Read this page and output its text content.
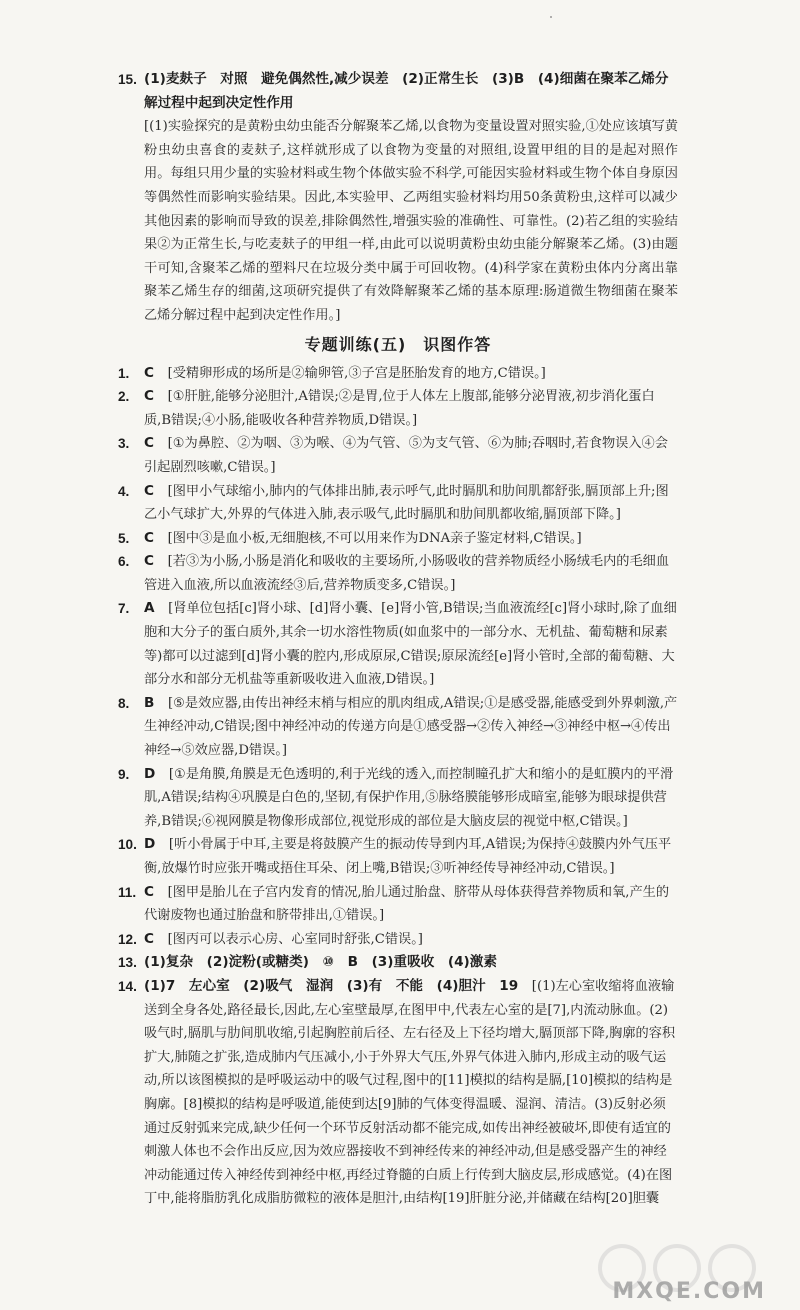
15. (1)麦麸子　对照　避免偶然性,减少误差　(2)正常生长　(3)B　(4)细菌在聚苯乙烯分解过程中起到决定性作用
[(1)实验探究的是黄粉虫幼虫能否分解聚苯乙烯,以食物为变量设置对照实验,①处应该填写黄粉虫幼虫喜食的麦麸子,这样就形成了以食物为变量的对照组,设置甲组的目的是起对照作用。每组只用少量的实验材料或生物个体做实验不科学,可能因实验材料或生物个体自身原因等偶然性而影响实验结果。因此,本实验甲、乙两组实验材料均用50条黄粉虫,这样可以减少其他因素的影响而导致的误差,排除偶然性,增强实验的准确性、可靠性。(2)若乙组的实验结果②为正常生长,与吃麦麸子的甲组一样,由此可以说明黄粉虫幼虫能分解聚苯乙烯。(3)由题干可知,含聚苯乙烯的塑料尺在垃圾分类中属于可回收物。(4)科学家在黄粉虫体内分离出靠聚苯乙烯生存的细菌,这项研究提供了有效降解聚苯乙烯的基本原理:肠道微生物细菌在聚苯乙烯分解过程中起到决定性作用。]
专题训练(五)　识图作答
1. C　 [受精卵形成的场所是②输卵管,③子宫是胚胎发育的地方,C错误。]
2. C　 [①肝脏,能够分泌胆汁,A错误;②是胃,位于人体左上腹部,能够分泌胃液,初步消化蛋白质,B错误;④小肠,能吸收各种营养物质,D错误。]
3. C　 [①为鼻腔、②为咽、③为喉、④为气管、⑤为支气管、⑥为肺;吞咽时,若食物误入④会引起剧烈咳嗽,C错误。]
4. C　 [图甲小气球缩小,肺内的气体排出肺,表示呼气,此时膈肌和肋间肌都舒张,膈顶部上升;图乙小气球扩大,外界的气体进入肺,表示吸气,此时膈肌和肋间肌都收缩,膈顶部下降。]
5. C　 [图中③是血小板,无细胞核,不可以用来作为DNA亲子鉴定材料,C错误。]
6. C　 [若③为小肠,小肠是消化和吸收的主要场所,小肠吸收的营养物质经小肠绒毛内的毛细血管进入血液,所以血液流经③后,营养物质变多,C错误。]
7. A　 [肾单位包括[c]肾小球、[d]肾小囊、[e]肾小管,B错误;当血液流经[c]肾小球时,除了血细胞和大分子的蛋白质外,其余一切水溶性物质(如血浆中的一部分水、无机盐、葡萄糖和尿素等)都可以过滤到[d]肾小囊的腔内,形成原尿,C错误;原尿流经[e]肾小管时,全部的葡萄糖、大部分水和部分无机盐等重新吸收进入血液,D错误。]
8. B　 [⑤是效应器,由传出神经末梢与相应的肌肉组成,A错误;①是感受器,能感受到外界刺激,产生神经冲动,C错误;图中神经冲动的传递方向是①感受器→②传入神经→③神经中枢→④传出神经→⑤效应器,D错误。]
9. D　 [①是角膜,角膜是无色透明的,利于光线的透入,而控制瞳孔扩大和缩小的是虹膜内的平滑肌,A错误;结构④巩膜是白色的,坚韧,有保护作用,⑤脉络膜能够形成暗室,能够为眼球提供营养,B错误;⑥视网膜是物像形成部位,视觉形成的部位是大脑皮层的视觉中枢,C错误。]
10. D　 [听小骨属于中耳,主要是将鼓膜产生的振动传导到内耳,A错误;为保持④鼓膜内外气压平衡,放爆竹时应张开嘴或捂住耳朵、闭上嘴,B错误;③听神经传导神经冲动,C错误。]
11. C　 [图甲是胎儿在子宫内发育的情况,胎儿通过胎盘、脐带从母体获得营养物质和氧,产生的代谢废物也通过胎盘和脐带排出,①错误。]
12. C　 [图丙可以表示心房、心室同时舒张,C错误。]
13. (1)复杂　(2)淀粉(或糖类)　⑩　B　(3)重吸收　(4)激素
14. (1)7　左心室　(2)吸气　湿润　(3)有　不能　(4)胆汁　19　 [(1)左心室收缩将血液输送到全身各处,路径最长,因此,左心室壁最厚,在图甲中,代表左心室的是[7],内流动脉血。(2)吸气时,膈肌与肋间肌收缩,引起胸腔前后径、左右径及上下径均增大,膈顶部下降,胸廓的容积扩大,肺随之扩张,造成肺内气压减小,小于外界大气压,外界气体进入肺内,形成主动的吸气运动,所以该图模拟的是呼吸运动中的吸气过程,图中的[11]模拟的结构是膈,[10]模拟的结构是胸廓。[8]模拟的结构是呼吸道,能使到达[9]肺的气体变得温暖、湿润、清洁。(3)反射必须通过反射弧来完成,缺少任何一个环节反射活动都不能完成,如传出神经被破坏,即使有适宜的刺激人体也不会作出反应,因为效应器接收不到神经传来的神经冲动,但是感受器产生的神经冲动能通过传入神经传到神经中枢,再经过脊髓的白质上行传到大脑皮层,形成感觉。(4)在图丁中,能将脂肪乳化成脂肪微粒的液体是胆汁,由结构[19]肝脏分泌,并储藏在结构[20]胆囊
MXQE.COM
